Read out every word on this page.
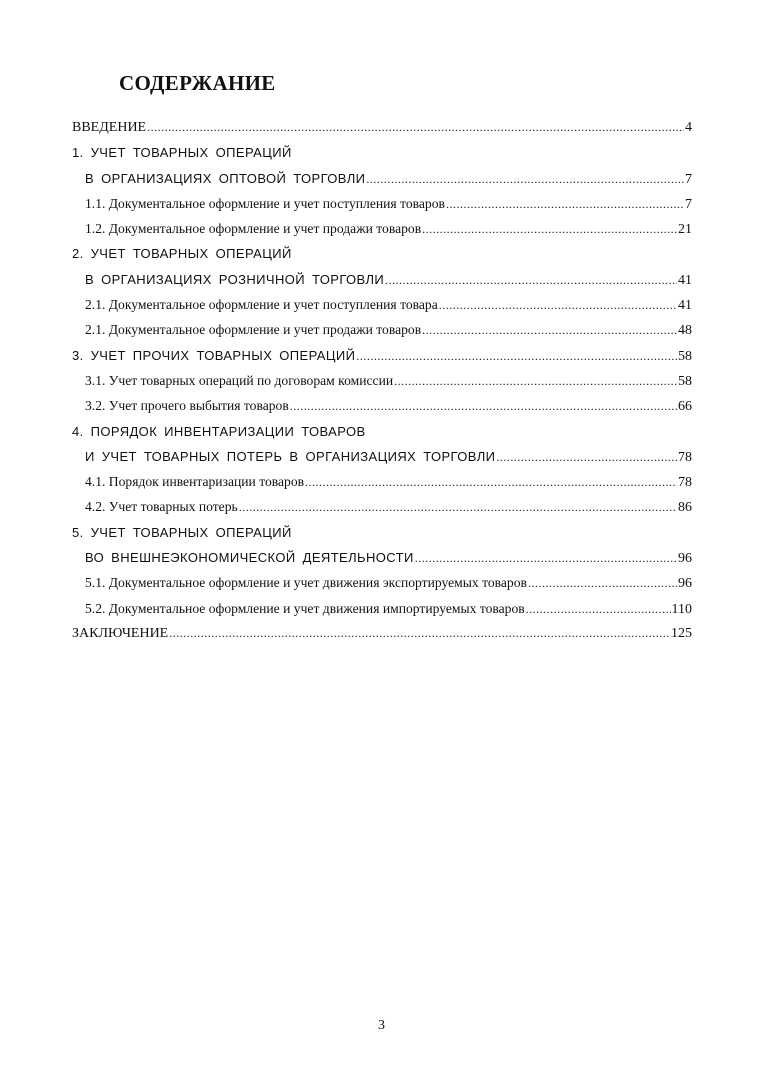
СОДЕРЖАНИЕ
ВВЕДЕНИЕ .....	4
1. УЧЕТ ТОВАРНЫХ ОПЕРАЦИЙ
В ОРГАНИЗАЦИЯХ ОПТОВОЙ ТОРГОВЛИ .....	7
1.1. Документальное оформление и учет поступления товаров .....	7
1.2. Документальное оформление и учет продажи товаров .....	21
2. УЧЕТ ТОВАРНЫХ ОПЕРАЦИЙ
В ОРГАНИЗАЦИЯХ РОЗНИЧНОЙ ТОРГОВЛИ .....	41
2.1. Документальное оформление и учет поступления товара .....	41
2.1. Документальное оформление и учет продажи товаров .....	48
3. УЧЕТ ПРОЧИХ ТОВАРНЫХ ОПЕРАЦИЙ .....	58
3.1. Учет товарных операций по договорам комиссии .....	58
3.2. Учет прочего выбытия товаров .....	66
4. ПОРЯДОК ИНВЕНТАРИЗАЦИИ ТОВАРОВ
И УЧЕТ ТОВАРНЫХ ПОТЕРЬ В ОРГАНИЗАЦИЯХ ТОРГОВЛИ .....	78
4.1. Порядок инвентаризации товаров .....	78
4.2. Учет товарных потерь .....	86
5. УЧЕТ ТОВАРНЫХ ОПЕРАЦИЙ
ВО ВНЕШНЕЭКОНОМИЧЕСКОЙ ДЕЯТЕЛЬНОСТИ .....	96
5.1. Документальное оформление и учет движения экспортируемых товаров .....	96
5.2. Документальное оформление и учет движения импортируемых товаров .....	110
ЗАКЛЮЧЕНИЕ .....	125
3
